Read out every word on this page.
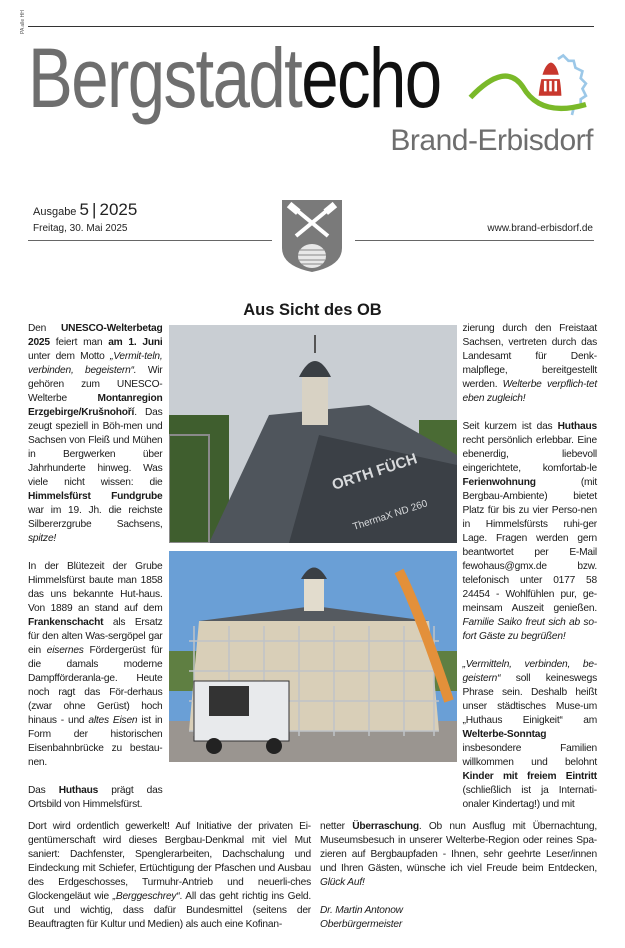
PA alle HH
Bergstadtecho
Brand-Erbisdorf
Ausgabe 5 | 2025
Freitag, 30. Mai 2025	www.brand-erbisdorf.de
Aus Sicht des OB

Den UNESCO-Welterbetag 2025 feiert man am 1. Juni unter dem Motto „Vermit-teln, verbinden, begeistern“. Wir gehören zum UNESCO-Welterbe Montanregion Erzgebirge/Krušnohoří. Das zeugt speziell in Böh-men und Sachsen von Fleiß und Mühen in Bergwerken über Jahrhunderte hinweg. Was viele nicht wissen: die Himmelsfürst Fundgrube war im 19. Jh. die reichste Silbererzgrube Sachsens, spitze!

In der Blütezeit der Grube Himmelsfürst baute man 1858 das uns bekannte Hut-haus. Von 1889 an stand auf dem Frankenschacht als Ersatz für den alten Was-sergöpel gar ein eisernes Fördergerüst für die damals moderne Dampfförderanla-ge. Heute noch ragt das För-derhaus (zwar ohne Gerüst) hoch hinaus - und altes Eisen ist in Form der historischen Eisenbahnbrücke zu bestau-nen.

Das Huthaus prägt das Ortsbild von Himmelsfürst.

ORTH FÜCH
ThermaX ND 260

zierung durch den Freistaat Sachsen, vertreten durch das Landesamt für Denk-malpflege, bereitgestellt werden. Welterbe verpflich-tet eben zugleich!

Seit kurzem ist das Huthaus recht persönlich erlebbar. Eine ebenerdig, liebevoll eingerichtete, komfortab-le Ferienwohnung (mit Bergbau-Ambiente) bietet Platz für bis zu vier Perso-nen in Himmelsfürsts ruhi-ger Lage. Fragen werden gern beantwortet per E-Mail fewohaus@gmx.de bzw. telefonisch unter 0177 58 24454 - Wohlfühlen pur, ge-meinsam Auszeit genießen. Familie Saiko freut sich ab so-fort Gäste zu begrüßen!

„Vermitteln, verbinden, be-geistern“ soll keineswegs Phrase sein. Deshalb heißt unser städtisches Muse-um „Huthaus Einigkeit“ am Welterbe-Sonntag insbesondere Familien willkommen und belohnt Kinder mit freiem Eintritt (schließlich ist ja Internati-onaler Kindertag!) und mit

Dort wird ordentlich gewerkelt! Auf Initiative der privaten Ei-gentümerschaft wird dieses Bergbau-Denkmal mit viel Mut saniert: Dachfenster, Spenglerarbeiten, Dachschalung und Eindeckung mit Schiefer, Ertüchtigung der Pfaschen und Ausbau des Erdgeschosses, Turmuhr-Antrieb und neuerli-ches Glockengeläut wie „Berggeschrey“. All das geht richtig ins Geld. Gut und wichtig, dass dafür Bundesmittel (seitens der Beauftragten für Kultur und Medien) als auch eine Kofinan-

netter Überraschung. Ob nun Ausflug mit Übernachtung, Museumsbesuch in unserer Welterbe-Region oder reines Spa-zieren auf Bergbaupfaden - Ihnen, sehr geehrte Leser/innen und Ihren Gästen, wünsche ich viel Freude beim Entdecken, Glück Auf!

Dr. Martin Antonow
Oberbürgermeister
